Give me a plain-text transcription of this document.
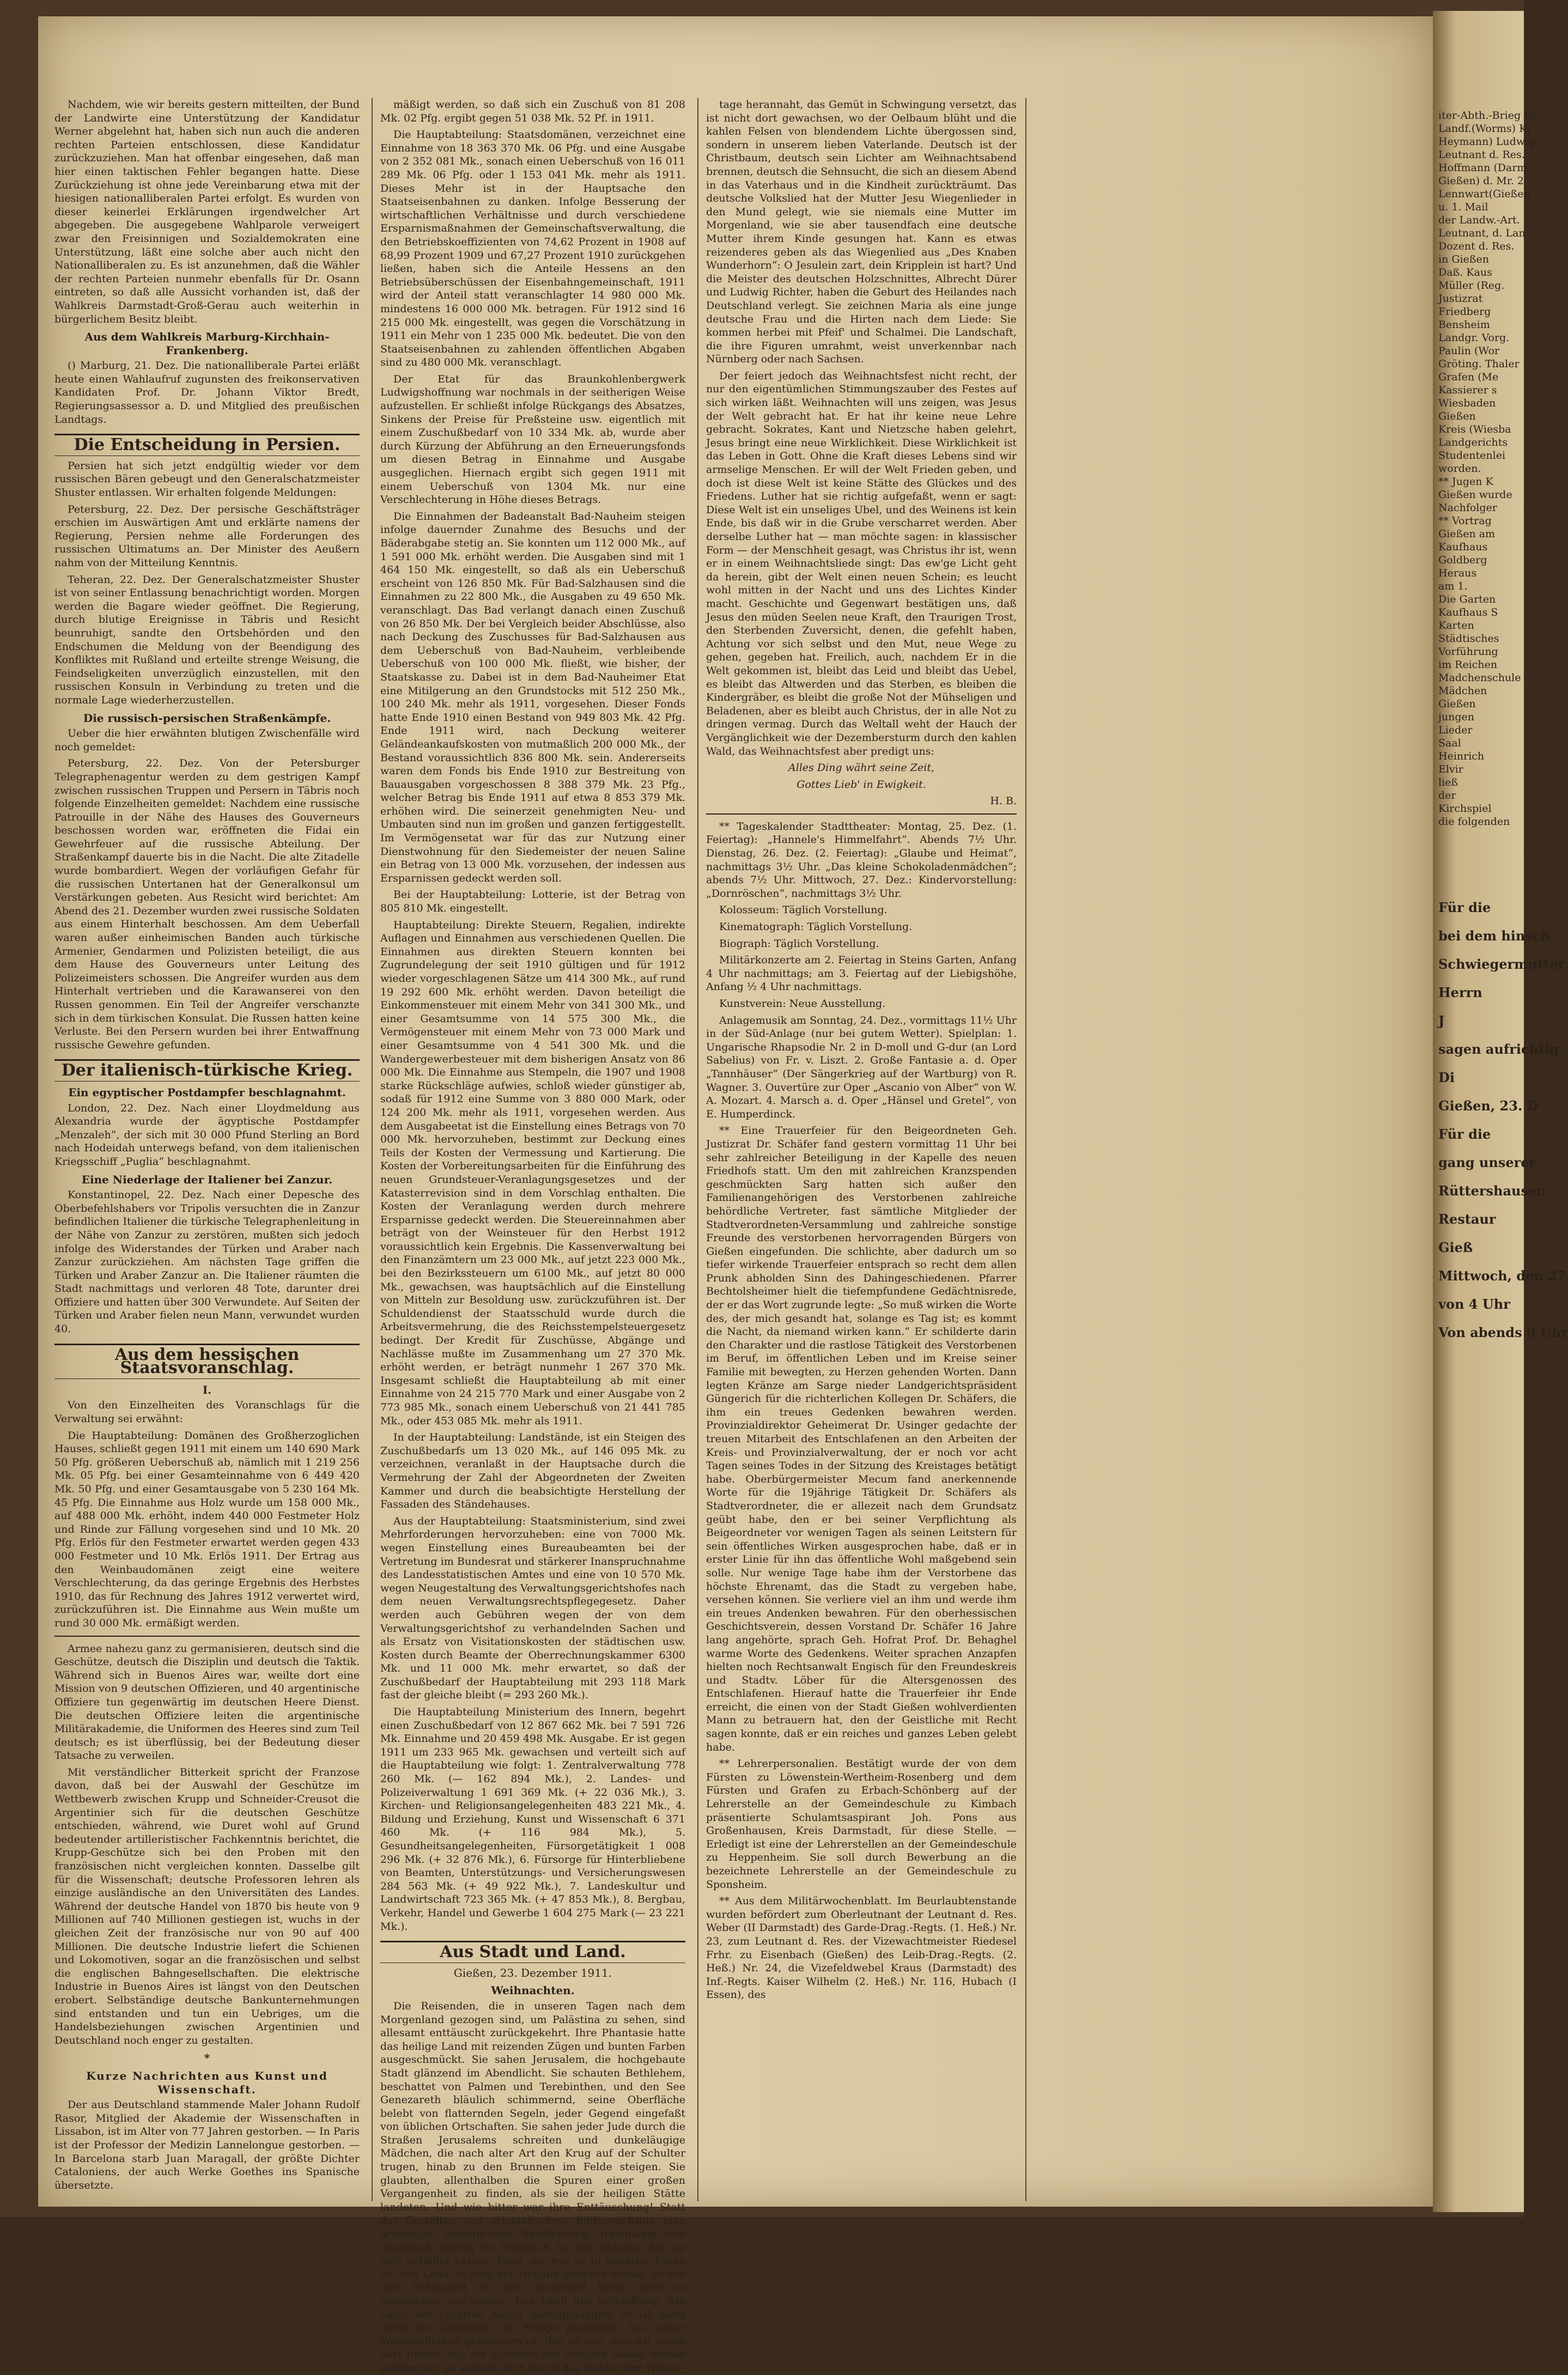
Nachdem, wie wir bereits gestern mitteilten, der Bund der Landwirte eine Unterstützung der Kandidatur Werner abgelehnt hat, haben sich nun auch die anderen rechten Parteien entschlossen, diese Kandidatur zurückzuziehen. Man hat offenbar eingesehen, daß man hier einen taktischen Fehler begangen hatte. Diese Zurückziehung ist ohne jede Vereinbarung etwa mit der hiesigen nationalliberalen Partei erfolgt. Es wurden von dieser keinerlei Erklärungen irgendwelcher Art abgegeben. Die ausgegebene Wahlparole verweigert zwar den Freisinnigen und Sozialdemokraten eine Unterstützung, läßt eine solche aber auch nicht den Nationalliberalen zu. Es ist anzunehmen, daß die Wähler der rechten Parteien nunmehr ebenfalls für Dr. Osann eintreten, so daß alle Aussicht vorhanden ist, daß der Wahlkreis Darmstadt-Groß-Gerau auch weiterhin in bürgerlichem Besitz bleibt.

Aus dem Wahlkreis Marburg-Kirchhain-Frankenberg.

() Marburg, 21. Dez. Die nationalliberale Partei erläßt heute einen Wahlaufruf zugunsten des freikonservativen Kandidaten Prof. Dr. Johann Viktor Bredt, Regierungsassessor a. D. und Mitglied des preußischen Landtags.

Die Entscheidung in Persien.

Persien hat sich jetzt endgültig wieder vor dem russischen Bären gebeugt und den Generalschatzmeister Shuster entlassen. Wir erhalten folgende Meldungen:

Petersburg, 22. Dez. Der persische Geschäftsträger erschien im Auswärtigen Amt und erklärte namens der Regierung, Persien nehme alle Forderungen des russischen Ultimatums an. Der Minister des Aeußern nahm von der Mitteilung Kenntnis.

Teheran, 22. Dez. Der Generalschatzmeister Shuster ist von seiner Entlassung benachrichtigt worden. Morgen werden die Bagare wieder geöffnet. Die Regierung, durch blutige Ereignisse in Täbris und Resicht beunruhigt, sandte den Ortsbehörden und den Endschumen die Meldung von der Beendigung des Konfliktes mit Rußland und erteilte strenge Weisung, die Feindseligkeiten unverzüglich einzustellen, mit den russischen Konsuln in Verbindung zu treten und die normale Lage wiederherzustellen.

Die russisch-persischen Straßenkämpfe.

Ueber die hier erwähnten blutigen Zwischenfälle wird noch gemeldet:

Petersburg, 22. Dez. Von der Petersburger Telegraphenagentur werden zu dem gestrigen Kampf zwischen russischen Truppen und Persern in Täbris noch folgende Einzelheiten gemeldet: Nachdem eine russische Patrouille in der Nähe des Hauses des Gouverneurs beschossen worden war, eröffneten die Fidai ein Gewehrfeuer auf die russische Abteilung. Der Straßenkampf dauerte bis in die Nacht. Die alte Zitadelle wurde bombardiert. Wegen der vorläufigen Gefahr für die russischen Untertanen hat der Generalkonsul um Verstärkungen gebeten. Aus Resicht wird berichtet: Am Abend des 21. Dezember wurden zwei russische Soldaten aus einem Hinterhalt beschossen. Am dem Ueberfall waren außer einheimischen Banden auch türkische Armenier, Gendarmen und Polizisten beteiligt, die aus dem Hause des Gouverneurs unter Leitung des Polizeimeisters schossen. Die Angreifer wurden aus dem Hinterhalt vertrieben und die Karawanserei von den Russen genommen. Ein Teil der Angreifer verschanzte sich in dem türkischen Konsulat. Die Russen hatten keine Verluste. Bei den Persern wurden bei ihrer Entwaffnung russische Gewehre gefunden.

Der italienisch-türkische Krieg.
Ein egyptischer Postdampfer beschlagnahmt.

London, 22. Dez. Nach einer Lloydmeldung aus Alexandria wurde der ägyptische Postdampfer „Menzaleh“, der sich mit 30 000 Pfund Sterling an Bord nach Hodeidah unterwegs befand, von dem italienischen Kriegsschiff „Puglia“ beschlagnahmt.

Eine Niederlage der Italiener bei Zanzur.

Konstantinopel, 22. Dez. Nach einer Depesche des Oberbefehlshabers vor Tripolis versuchten die in Zanzur befindlichen Italiener die türkische Telegraphenleitung in der Nähe von Zanzur zu zerstören, mußten sich jedoch infolge des Widerstandes der Türken und Araber nach Zanzur zurückziehen. Am nächsten Tage griffen die Türken und Araber Zanzur an. Die Italiener räumten die Stadt nachmittags und verloren 48 Tote, darunter drei Offiziere und hatten über 300 Verwundete. Auf Seiten der Türken und Araber fielen neun Mann, verwundet wurden 40.

Aus dem hessischen Staatsvoranschlag.
I.

Von den Einzelheiten des Voranschlags für die Verwaltung sei erwähnt:

Die Hauptabteilung: Domänen des Großherzoglichen Hauses, schließt gegen 1911 mit einem um 140 690 Mark 50 Pfg. größeren Ueberschuß ab, nämlich mit 1 219 256 Mk. 05 Pfg. bei einer Gesamteinnahme von 6 449 420 Mk. 50 Pfg. und einer Gesamtausgabe von 5 230 164 Mk. 45 Pfg. Die Einnahme aus Holz wurde um 158 000 Mk., auf 488 000 Mk. erhöht, indem 440 000 Festmeter Holz und Rinde zur Fällung vorgesehen sind und 10 Mk. 20 Pfg. Erlös für den Festmeter erwartet werden gegen 433 000 Festmeter und 10 Mk. Erlös 1911. Der Ertrag aus den Weinbaudomänen zeigt eine weitere Verschlechterung, da das geringe Ergebnis des Herbstes 1910, das für Rechnung des Jahres 1912 verwertet wird, zurückzuführen ist. Die Einnahme aus Wein mußte um rund 30 000 Mk. ermäßigt werden.

Armee nahezu ganz zu germanisieren, deutsch sind die Geschütze, deutsch die Disziplin und deutsch die Taktik. Während sich in Buenos Aires war, weilte dort eine Mission von 9 deutschen Offizieren, und 40 argentinische Offiziere tun gegenwärtig im deutschen Heere Dienst. Die deutschen Offiziere leiten die argentinische Militärakademie, die Uniformen des Heeres sind zum Teil deutsch; es ist überflüssig, bei der Bedeutung dieser Tatsache zu verweilen.

Mit verständlicher Bitterkeit spricht der Franzose davon, daß bei der Auswahl der Geschütze im Wettbewerb zwischen Krupp und Schneider-Creusot die Argentinier sich für die deutschen Geschütze entschieden, während, wie Duret wohl auf Grund bedeutender artilleristischer Fachkenntnis berichtet, die Krupp-Geschütze sich bei den Proben mit den französischen nicht vergleichen konnten. Dasselbe gilt für die Wissenschaft; deutsche Professoren lehren als einzige ausländische an den Universitäten des Landes. Während der deutsche Handel von 1870 bis heute von 9 Millionen auf 740 Millionen gestiegen ist, wuchs in der gleichen Zeit der französische nur von 90 auf 400 Millionen. Die deutsche Industrie liefert die Schienen und Lokomotiven, sogar an die französischen und selbst die englischen Bahngesellschaften. Die elektrische Industrie in Buenos Aires ist längst von den Deutschen erobert. Selbständige deutsche Bankunternehmungen sind entstanden und tun ein Uebriges, um die Handelsbeziehungen zwischen Argentinien und Deutschland noch enger zu gestalten.

*
Kurze Nachrichten aus Kunst und Wissenschaft.

Der aus Deutschland stammende Maler Johann Rudolf Rasor, Mitglied der Akademie der Wissenschaften in Lissabon, ist im Alter von 77 Jahren gestorben. — In Paris ist der Professor der Medizin Lannelongue gestorben. — In Barcelona starb Juan Maragall, der größte Dichter Cataloniens, der auch Werke Goethes ins Spanische übersetzte.

mäßigt werden, so daß sich ein Zuschuß von 81 208 Mk. 02 Pfg. ergibt gegen 51 038 Mk. 52 Pf. in 1911.

Die Hauptabteilung: Staatsdomänen, verzeichnet eine Einnahme von 18 363 370 Mk. 06 Pfg. und eine Ausgabe von 2 352 081 Mk., sonach einen Ueberschuß von 16 011 289 Mk. 06 Pfg. oder 1 153 041 Mk. mehr als 1911. Dieses Mehr ist in der Hauptsache den Staatseisenbahnen zu danken. Infolge Besserung der wirtschaftlichen Verhältnisse und durch verschiedene Ersparnismaßnahmen der Gemeinschaftsverwaltung, die den Betriebskoeffizienten von 74,62 Prozent in 1908 auf 68,99 Prozent 1909 und 67,27 Prozent 1910 zurückgehen ließen, haben sich die Anteile Hessens an den Betriebsüberschüssen der Eisenbahngemeinschaft, 1911 wird der Anteil statt veranschlagter 14 980 000 Mk. mindestens 16 000 000 Mk. betragen. Für 1912 sind 16 215 000 Mk. eingestellt, was gegen die Vorschätzung in 1911 ein Mehr von 1 235 000 Mk. bedeutet. Die von den Staatseisenbahnen zu zahlenden öffentlichen Abgaben sind zu 480 000 Mk. veranschlagt.

Der Etat für das Braunkohlenbergwerk Ludwigshoffnung war nochmals in der seitherigen Weise aufzustellen. Er schließt infolge Rückgangs des Absatzes, Sinkens der Preise für Preßsteine usw. eigentlich mit einem Zuschußbedarf von 10 334 Mk. ab, wurde aber durch Kürzung der Abführung an den Erneuerungsfonds um diesen Betrag in Einnahme und Ausgabe ausgeglichen. Hiernach ergibt sich gegen 1911 mit einem Ueberschuß von 1304 Mk. nur eine Verschlechterung in Höhe dieses Betrags.

Die Einnahmen der Badeanstalt Bad-Nauheim steigen infolge dauernder Zunahme des Besuchs und der Bäderabgabe stetig an. Sie konnten um 112 000 Mk., auf 1 591 000 Mk. erhöht werden. Die Ausgaben sind mit 1 464 150 Mk. eingestellt, so daß als ein Ueberschuß erscheint von 126 850 Mk. Für Bad-Salzhausen sind die Einnahmen zu 22 800 Mk., die Ausgaben zu 49 650 Mk. veranschlagt. Das Bad verlangt danach einen Zuschuß von 26 850 Mk. Der bei Vergleich beider Abschlüsse, also nach Deckung des Zuschusses für Bad-Salzhausen aus dem Ueberschuß von Bad-Nauheim, verbleibende Ueberschuß von 100 000 Mk. fließt, wie bisher, der Staatskasse zu. Dabei ist in dem Bad-Nauheimer Etat eine Mitilgerung an den Grundstocks mit 512 250 Mk., 100 240 Mk. mehr als 1911, vorgesehen. Dieser Fonds hatte Ende 1910 einen Bestand von 949 803 Mk. 42 Pfg. Ende 1911 wird, nach Deckung weiterer Geländeankaufskosten von mutmaßlich 200 000 Mk., der Bestand voraussichtlich 836 800 Mk. sein. Andererseits waren dem Fonds bis Ende 1910 zur Bestreitung von Bauausgaben vorgeschossen 8 388 379 Mk. 23 Pfg., welcher Betrag bis Ende 1911 auf etwa 8 853 379 Mk. erhöhen wird. Die seinerzeit genehmigten Neu- und Umbauten sind nun im großen und ganzen fertiggestellt. Im Vermögensetat war für das zur Nutzung einer Dienstwohnung für den Siedemeister der neuen Saline ein Betrag von 13 000 Mk. vorzusehen, der indessen aus Ersparnissen gedeckt werden soll.

Bei der Hauptabteilung: Lotterie, ist der Betrag von 805 810 Mk. eingestellt.

Hauptabteilung: Direkte Steuern, Regalien, indirekte Auflagen und Einnahmen aus verschiedenen Quellen. Die Einnahmen aus direkten Steuern konnten bei Zugrundelegung der seit 1910 gültigen und für 1912 wieder vorgeschlagenen Sätze um 414 300 Mk., auf rund 19 292 600 Mk. erhöht werden. Davon beteiligt die Einkommensteuer mit einem Mehr von 341 300 Mk., und einer Gesamtsumme von 14 575 300 Mk., die Vermögensteuer mit einem Mehr von 73 000 Mark und einer Gesamtsumme von 4 541 300 Mk. und die Wandergewerbesteuer mit dem bisherigen Ansatz von 86 000 Mk. Die Einnahme aus Stempeln, die 1907 und 1908 starke Rückschläge aufwies, schloß wieder günstiger ab, sodaß für 1912 eine Summe von 3 880 000 Mark, oder 124 200 Mk. mehr als 1911, vorgesehen werden. Aus dem Ausgabeetat ist die Einstellung eines Betrags von 70 000 Mk. hervorzuheben, bestimmt zur Deckung eines Teils der Kosten der Vermessung und Kartierung. Die Kosten der Vorbereitungsarbeiten für die Einführung des neuen Grundsteuer-Veranlagungsgesetzes und der Katasterrevision sind in dem Vorschlag enthalten. Die Kosten der Veranlagung werden durch mehrere Ersparnisse gedeckt werden. Die Steuereinnahmen aber beträgt von der Weinsteuer für den Herbst 1912 voraussichtlich kein Ergebnis. Die Kassenverwaltung bei den Finanzämtern um 23 000 Mk., auf jetzt 223 000 Mk., bei den Bezirkssteuern um 6100 Mk., auf jetzt 80 000 Mk., gewachsen, was hauptsächlich auf die Einstellung von Mitteln zur Besoldung usw. zurückzuführen ist. Der Schuldendienst der Staatsschuld wurde durch die Arbeitsvermehrung, die des Reichsstempelsteuergesetz bedingt. Der Kredit für Zuschüsse, Abgänge und Nachlässe mußte im Zusammenhang um 27 370 Mk. erhöht werden, er beträgt nunmehr 1 267 370 Mk. Insgesamt schließt die Hauptabteilung ab mit einer Einnahme von 24 215 770 Mark und einer Ausgabe von 2 773 985 Mk., sonach einem Ueberschuß von 21 441 785 Mk., oder 453 085 Mk. mehr als 1911.

In der Hauptabteilung: Landstände, ist ein Steigen des Zuschußbedarfs um 13 020 Mk., auf 146 095 Mk. zu verzeichnen, veranlaßt in der Hauptsache durch die Vermehrung der Zahl der Abgeordneten der Zweiten Kammer und durch die beabsichtigte Herstellung der Fassaden des Ständehauses.

Aus der Hauptabteilung: Staatsministerium, sind zwei Mehrforderungen hervorzuheben: eine von 7000 Mk. wegen Einstellung eines Bureaubeamten bei der Vertretung im Bundesrat und stärkerer Inanspruchnahme des Landesstatistischen Amtes und eine von 10 570 Mk. wegen Neugestaltung des Verwaltungsgerichtshofes nach dem neuen Verwaltungsrechtspflegegesetz. Daher werden auch Gebühren wegen der von dem Verwaltungsgerichtshof zu verhandelnden Sachen und als Ersatz von Visitationskosten der städtischen usw. Kosten durch Beamte der Oberrechnungskammer 6300 Mk. und 11 000 Mk. mehr erwartet, so daß der Zuschußbedarf der Hauptabteilung mit 293 118 Mark fast der gleiche bleibt (= 293 260 Mk.).

Die Hauptabteilung Ministerium des Innern, begehrt einen Zuschußbedarf von 12 867 662 Mk. bei 7 591 726 Mk. Einnahme und 20 459 498 Mk. Ausgabe. Er ist gegen 1911 um 233 965 Mk. gewachsen und verteilt sich auf die Hauptabteilung wie folgt: 1. Zentralverwaltung 778 260 Mk. (— 162 894 Mk.), 2. Landes- und Polizeiverwaltung 1 691 369 Mk. (+ 22 036 Mk.), 3. Kirchen- und Religionsangelegenheiten 483 221 Mk., 4. Bildung und Erziehung, Kunst und Wissenschaft 6 371 460 Mk. (+ 116 984 Mk.), 5. Gesundheitsangelegenheiten, Fürsorgetätigkeit 1 008 296 Mk. (+ 32 876 Mk.), 6. Fürsorge für Hinterbliebene von Beamten, Unterstützungs- und Versicherungswesen 284 563 Mk. (+ 49 922 Mk.), 7. Landeskultur und Landwirtschaft 723 365 Mk. (+ 47 853 Mk.), 8. Bergbau, Verkehr, Handel und Gewerbe 1 604 275 Mark (— 23 221 Mk.).

Aus Stadt und Land.

Gießen, 23. Dezember 1911.

Weihnachten.

Die Reisenden, die in unseren Tagen nach dem Morgenland gezogen sind, um Palästina zu sehen, sind allesamt enttäuscht zurückgekehrt. Ihre Phantasie hatte das heilige Land mit reizenden Zügen und bunten Farben ausgeschmückt. Sie sahen Jerusalem, die hochgebaute Stadt glänzend im Abendlicht. Sie schauten Bethlehem, beschattet von Palmen und Terebinthen, und den See Genezareth bläulich schimmernd, seine Oberfläche belebt von flatternden Segeln, jeder Gegend eingefaßt von üblichen Ortschaften. Sie sahen jeder Jude durch die Straßen Jerusalems schreiten und dunkeläugige Mädchen, die nach alter Art den Krug auf der Schulter trugen, hinab zu den Brunnen im Felde steigen. Sie glaubten, allenthalben die Spuren einer großen Vergangenheit zu finden, als sie der heiligen Stätte landeten. Und wie bitter war ihre Enttäuschung! Statt der Gestalten aus orientalischem Bilderreichtum eine armselige, verwahrloste Bevölkerung, fremdartig und unendlich dürftig im Vergleich zu den Idealen, die sie sich gebildet hatten. Nein, so, wie es in unseren Tagen ist, das Land, in dem der Heiland geboren wurde, so wie ihre Sehnsucht es sich ausgemalt hatte, wird es niemandem erscheinen. Das Land der Verheißung, das Land, wo Jungfrau Maria dahingegangen, es ist nicht mehr. Im Gegenteil, die Krippe gestanden hat, unser Weihnachtsfest gekommen ist, das ist nun, was wir heute dort finden, nur ein Schatten der heiligen Abend wieder vorüber ist, so schließt sich durch das Dunkel der Winter-

tage herannaht, das Gemüt in Schwingung versetzt, das ist nicht dort gewachsen, wo der Oelbaum blüht und die kahlen Felsen von blendendem Lichte übergossen sind, sondern in unserem lieben Vaterlande. Deutsch ist der Christbaum, deutsch sein Lichter am Weihnachtsabend brennen, deutsch die Sehnsucht, die sich an diesem Abend in das Vaterhaus und in die Kindheit zurückträumt. Das deutsche Volkslied hat der Mutter Jesu Wiegenlieder in den Mund gelegt, wie sie niemals eine Mutter im Morgenland, wie sie aber tausendfach eine deutsche Mutter ihrem Kinde gesungen hat. Kann es etwas reizenderes geben als das Wiegenlied aus „Des Knaben Wunderhorn“: O Jesulein zart, dein Kripplein ist hart? Und die Meister des deutschen Holzschnittes, Albrecht Dürer und Ludwig Richter, haben die Geburt des Heilandes nach Deutschland verlegt. Sie zeichnen Maria als eine junge deutsche Frau und die Hirten nach dem Liede: Sie kommen herbei mit Pfeif' und Schalmei. Die Landschaft, die ihre Figuren umrahmt, weist unverkennbar nach Nürnberg oder nach Sachsen.

Der feiert jedoch das Weihnachtsfest nicht recht, der nur den eigentümlichen Stimmungszauber des Festes auf sich wirken läßt. Weihnachten will uns zeigen, was Jesus der Welt gebracht hat. Er hat ihr keine neue Lehre gebracht. Sokrates, Kant und Nietzsche haben gelehrt, Jesus bringt eine neue Wirklichkeit. Diese Wirklichkeit ist das Leben in Gott. Ohne die Kraft dieses Lebens sind wir armselige Menschen. Er will der Welt Frieden geben, und doch ist diese Welt ist keine Stätte des Glückes und des Friedens. Luther hat sie richtig aufgefaßt, wenn er sagt: Diese Welt ist ein unseliges Ubel, und des Weinens ist kein Ende, bis daß wir in die Grube verscharret werden. Aber derselbe Luther hat — man möchte sagen: in klassischer Form — der Menschheit gesagt, was Christus ihr ist, wenn er in einem Weihnachtsliede singt: Das ew'ge Licht geht da herein, gibt der Welt einen neuen Schein; es leucht wohl mitten in der Nacht und uns des Lichtes Kinder macht. Geschichte und Gegenwart bestätigen uns, daß Jesus den müden Seelen neue Kraft, den Traurigen Trost, den Sterbenden Zuversicht, denen, die gefehlt haben, Achtung vor sich selbst und den Mut, neue Wege zu gehen, gegeben hat. Freilich, auch, nachdem Er in die Welt gekommen ist, bleibt das Leid und bleibt das Uebel, es bleibt das Altwerden und das Sterben, es bleiben die Kindergräber, es bleibt die große Not der Mühseligen und Beladenen, aber es bleibt auch Christus, der in alle Not zu dringen vermag. Durch das Weltall weht der Hauch der Vergänglichkeit wie der Dezembersturm durch den kahlen Wald, das Weihnachtsfest aber predigt uns:

Alles Ding währt seine Zeit,

Gottes Lieb' in Ewigkeit.

H. B.

** Tageskalender Stadttheater: Montag, 25. Dez. (1. Feiertag): „Hannele's Himmelfahrt“. Abends 7½ Uhr. Dienstag, 26. Dez. (2. Feiertag): „Glaube und Heimat“, nachmittags 3½ Uhr. „Das kleine Schokoladenmädchen“; abends 7½ Uhr. Mittwoch, 27. Dez.: Kindervorstellung: „Dornröschen“, nachmittags 3½ Uhr.

Kolosseum: Täglich Vorstellung.

Kinematograph: Täglich Vorstellung.

Biograph: Täglich Vorstellung.

Militärkonzerte am 2. Feiertag in Steins Garten, Anfang 4 Uhr nachmittags; am 3. Feiertag auf der Liebigshöhe, Anfang ½ 4 Uhr nachmittags.

Kunstverein: Neue Ausstellung.

Anlagemusik am Sonntag, 24. Dez., vormittags 11½ Uhr in der Süd-Anlage (nur bei gutem Wetter). Spielplan: 1. Ungarische Rhapsodie Nr. 2 in D-moll und G-dur (an Lord Sabelius) von Fr. v. Liszt. 2. Große Fantasie a. d. Oper „Tannhäuser“ (Der Sängerkrieg auf der Wartburg) von R. Wagner. 3. Ouvertüre zur Oper „Ascanio von Alber“ von W. A. Mozart. 4. Marsch a. d. Oper „Hänsel und Gretel“, von E. Humperdinck.

** Eine Trauerfeier für den Beigeordneten Geh. Justizrat Dr. Schäfer fand gestern vormittag 11 Uhr bei sehr zahlreicher Beteiligung in der Kapelle des neuen Friedhofs statt. Um den mit zahlreichen Kranzspenden geschmückten Sarg hatten sich außer den Familienangehörigen des Verstorbenen zahlreiche behördliche Vertreter, fast sämtliche Mitglieder der Stadtverordneten-Versammlung und zahlreiche sonstige Freunde des verstorbenen hervorragenden Bürgers von Gießen eingefunden. Die schlichte, aber dadurch um so tiefer wirkende Trauerfeier entsprach so recht dem allen Prunk abholden Sinn des Dahingeschiedenen. Pfarrer Bechtolsheimer hielt die tiefempfundene Gedächtnisrede, der er das Wort zugrunde legte: „So muß wirken die Worte des, der mich gesandt hat, solange es Tag ist; es kommt die Nacht, da niemand wirken kann.“ Er schilderte darin den Charakter und die rastlose Tätigkeit des Verstorbenen im Beruf, im öffentlichen Leben und im Kreise seiner Familie mit bewegten, zu Herzen gehenden Worten. Dann legten Kränze am Sarge nieder Landgerichtspräsident Güngerich für die richterlichen Kollegen Dr. Schäfers, die ihm ein treues Gedenken bewahren werden. Provinzialdirektor Geheimerat Dr. Usinger gedachte der treuen Mitarbeit des Entschlafenen an den Arbeiten der Kreis- und Provinzialverwaltung, der er noch vor acht Tagen seines Todes in der Sitzung des Kreistages betätigt habe. Oberbürgermeister Mecum fand anerkennende Worte für die 19jährige Tätigkeit Dr. Schäfers als Stadtverordneter, die er allezeit nach dem Grundsatz geübt habe, den er bei seiner Verpflichtung als Beigeordneter vor wenigen Tagen als seinen Leitstern für sein öffentliches Wirken ausgesprochen habe, daß er in erster Linie für ihn das öffentliche Wohl maßgebend sein solle. Nur wenige Tage habe ihm der Verstorbene das höchste Ehrenamt, das die Stadt zu vergeben habe, versehen können. Sie verliere viel an ihm und werde ihm ein treues Andenken bewahren. Für den oberhessischen Geschichtsverein, dessen Vorstand Dr. Schäfer 16 Jahre lang angehörte, sprach Geh. Hofrat Prof. Dr. Behaghel warme Worte des Gedenkens. Weiter sprachen Anzapfen hielten noch Rechtsanwalt Engisch für den Freundeskreis und Stadtv. Löber für die Altersgenossen des Entschlafenen. Hierauf hatte die Trauerfeier ihr Ende erreicht, die einen von der Stadt Gießen wohlverdienten Mann zu betrauern hat, den der Geistliche mit Recht sagen konnte, daß er ein reiches und ganzes Leben gelebt habe.

** Lehrerpersonalien. Bestätigt wurde der von dem Fürsten zu Löwenstein-Wertheim-Rosenberg und dem Fürsten und Grafen zu Erbach-Schönberg auf der Lehrerstelle an der Gemeindeschule zu Kimbach präsentierte Schulamtsaspirant Joh. Pons aus Großenhausen, Kreis Darmstadt, für diese Stelle. — Erledigt ist eine der Lehrerstellen an der Gemeindeschule zu Heppenheim. Sie soll durch Bewerbung an die bezeichnete Lehrerstelle an der Gemeindeschule zu Sponsheim.

** Aus dem Militärwochenblatt. Im Beurlaubtenstande wurden befördert zum Oberleutnant der Leutnant d. Res. Weber (II Darmstadt) des Garde-Drag.-Regts. (1. Heß.) Nr. 23, zum Leutnant d. Res. der Vizewachtmeister Riedesel Frhr. zu Eisenbach (Gießen) des Leib-Drag.-Regts. (2. Heß.) Nr. 24, die Vizefeldwebel Kraus (Darmstadt) des Inf.-Regts. Kaiser Wilhelm (2. Heß.) Nr. 116, Hubach (I Essen), des

iter-Abth.-Brieg Bs
Landf.(Worms) Kl
Heymann) Ludwig
Leutnant d. Res.
Hoffmann (Darm
Gießen) d. Mr. 2
Lennwart(Gießen
u. 1. Mail
der Landw.-Art.
Leutnant, d. Lan
Dozent d. Res.
in Gießen
Daß. Kaus
Müller (Reg.
Justizrat
Friedberg
Bensheim
Landgr. Vorg.
Paulin (Wor
Gröting. Thaler
Grafen (Me
Kassierer s
Wiesbaden
Gießen
Kreis (Wiesba
Landgerichts
Studentenlei
worden.
** Jugen K
Gießen wurde
Nachfolger
** Vortrag
Gießen am
Kaufhaus
Goldberg
Heraus
am 1.
Die Garten
Kaufhaus S
Karten
Städtisches
Vorführung
im Reichen
Madchenschule
Mädchen
Gießen
jungen
Lieder
Saal
Heinrich
Elvir
ließ
der
Kirchspiel
die folgenden
Für die
bei dem hinsch
Schwiegermutter
Herrn
J
sagen aufrichtig
Di
Gießen, 23. D
Für die
gang unserer
Rüttershausen
Restaur
Gieß
Mittwoch, den 27
von 4 Uhr
Von abends 9 Uhr
